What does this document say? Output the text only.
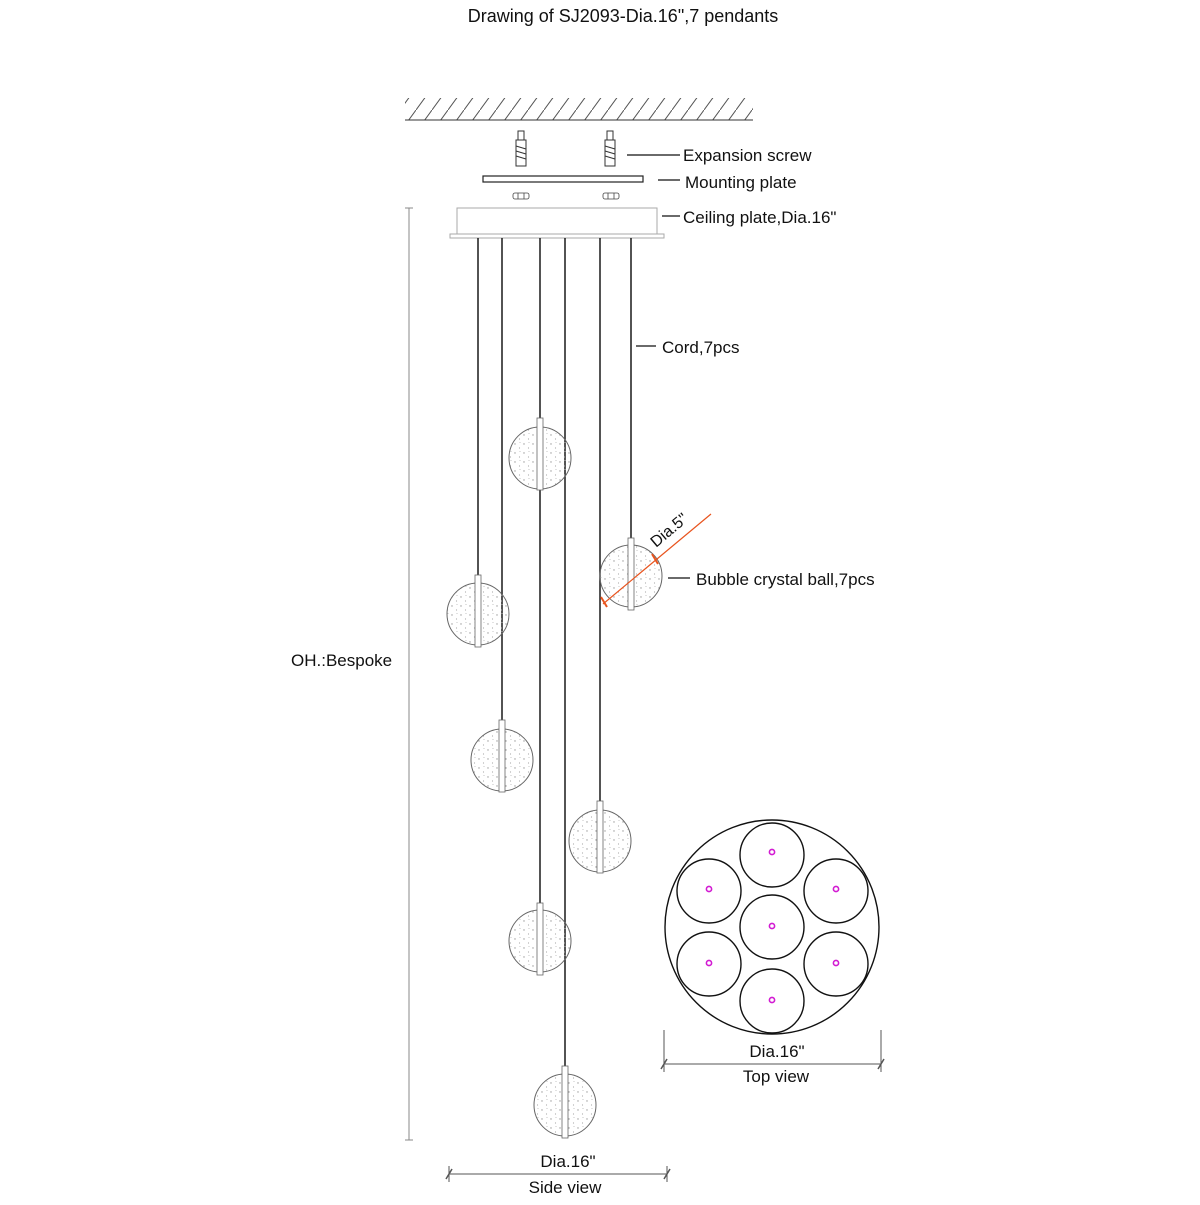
Drawing of SJ2093-Dia.16",7 pendants
Expansion screw
Mounting plate
Ceiling plate,Dia.16"
Cord,7pcs
Dia.5"
Bubble crystal ball,7pcs
OH.:Bespoke
Dia.16"
Side view
Dia.16"
Top view
